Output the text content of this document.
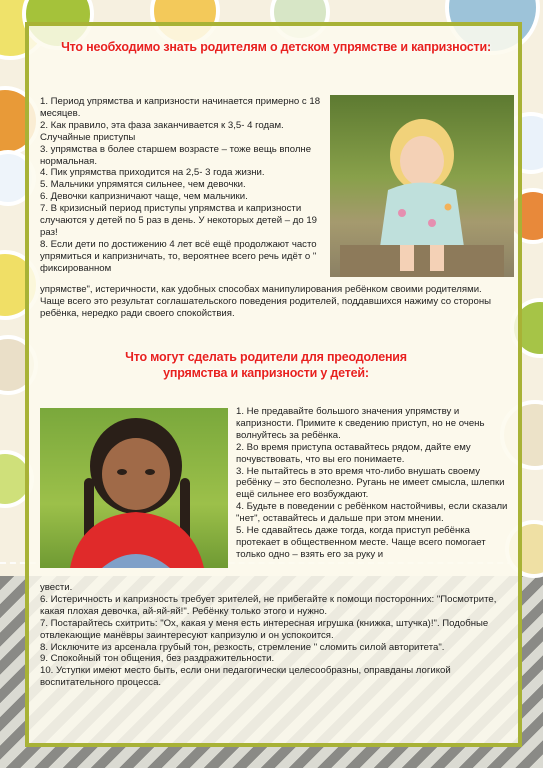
Что необходимо знать родителям о детском упрямстве и капризности:

1. Период упрямства и капризности начинается примерно с 18 месяцев.

2. Как правило, эта фаза заканчивается к 3,5- 4 годам. Случайные приступы

3. упрямства в более старшем возрасте – тоже вещь вполне нормальная.

4. Пик упрямства приходится на 2,5- 3 года жизни.

5. Мальчики упрямятся сильнее, чем девочки.

6. Девочки капризничают чаще, чем мальчики.

7. В кризисный период приступы упрямства и капризности случаются у детей по 5 раз в день. У некоторых детей – до 19 раз!

8. Если дети по достижению 4 лет всё ещё продолжают часто упрямиться и капризничать, то, вероятнее всего речь идёт о " фиксированном

упрямстве", истеричности, как удобных способах манипулирования ребёнком своими родителями. Чаще всего это результат соглашательского поведения родителей, поддавшихся нажиму со стороны ребёнка, нередко ради своего спокойствия.

Что могут сделать родители для преодоления упрямства и капризности у детей:

1. Не предавайте большого значения упрямству и капризности. Примите к сведению приступ, но не очень волнуйтесь за ребёнка.

2. Во время приступа оставайтесь рядом, дайте ему почувствовать, что вы его понимаете.

3. Не пытайтесь в это время что-либо внушать своему ребёнку – это бесполезно. Ругань не имеет смысла, шлепки ещё сильнее его возбуждают.

4. Будьте в поведении с ребёнком настойчивы, если сказали "нет", оставайтесь и дальше при этом мнении.

5. Не сдавайтесь даже тогда, когда приступ ребёнка протекает в общественном месте. Чаще всего помогает только одно – взять его за руку и

увести.

6. Истеричность и капризность требует зрителей, не прибегайте к помощи посторонних: "Посмотрите, какая плохая девочка, ай-яй-яй!". Ребёнку только этого и нужно.

7. Постарайтесь схитрить: "Ох, какая у меня есть интересная игрушка (книжка, штучка)!". Подобные отвлекающие манёвры заинтересуют капризулю и он успокоится.

8. Исключите из арсенала грубый тон, резкость, стремление " сломить силой авторитета".

9. Спокойный тон общения, без раздражительности.

10. Уступки имеют место быть, если они педагогически целесообразны, оправданы логикой воспитательного процесса.
